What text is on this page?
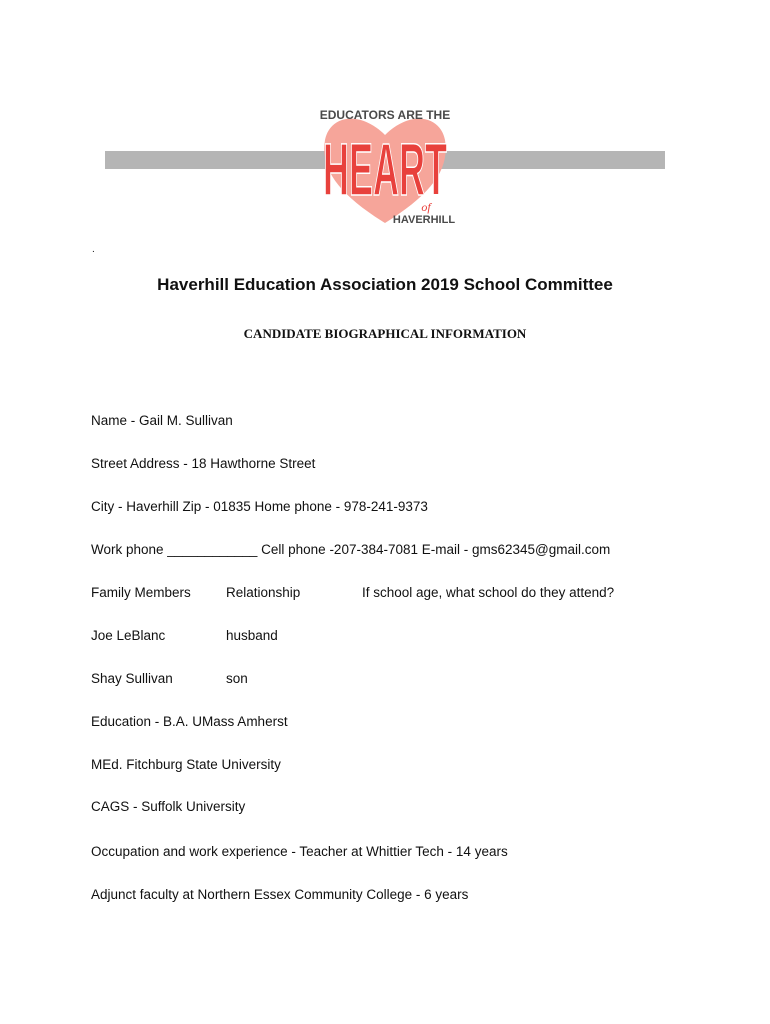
EDUCATORS ARE THE
HEART
of
HAVERHILL
.
Haverhill Education Association 2019 School Committee
CANDIDATE BIOGRAPHICAL INFORMATION
Name - Gail M. Sullivan
Street Address - 18 Hawthorne Street
City - Haverhill Zip - 01835 Home phone - 978-241-9373
Work phone ____________ Cell phone -207-384-7081 E-mail - gms62345@gmail.com
Family Members	Relationship	If school age, what school do they attend?
Joe LeBlanc	husband
Shay Sullivan	son
Education - B.A. UMass Amherst
MEd. Fitchburg State University
CAGS - Suffolk University
Occupation and work experience - Teacher at Whittier Tech - 14 years
Adjunct faculty at Northern Essex Community College - 6 years
